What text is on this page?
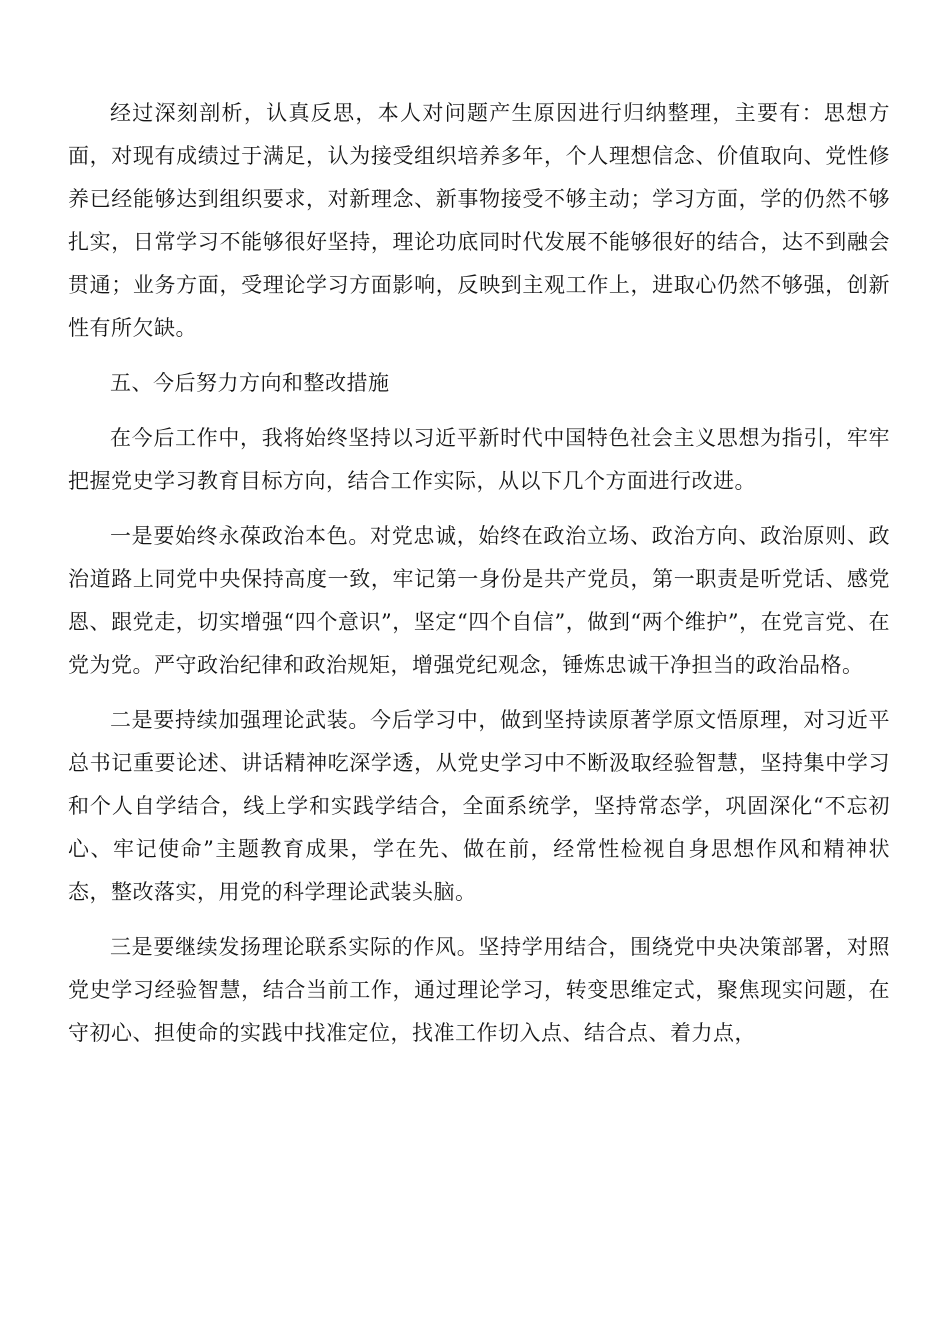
经过深刻剖析，认真反思，本人对问题产生原因进行归纳整理，主要有：思想方面，对现有成绩过于满足，认为接受组织培养多年，个人理想信念、价值取向、党性修养已经能够达到组织要求，对新理念、新事物接受不够主动；学习方面，学的仍然不够扎实，日常学习不能够很好坚持，理论功底同时代发展不能够很好的结合，达不到融会贯通；业务方面，受理论学习方面影响，反映到主观工作上，进取心仍然不够强，创新性有所欠缺。

五、今后努力方向和整改措施

在今后工作中，我将始终坚持以习近平新时代中国特色社会主义思想为指引，牢牢把握党史学习教育目标方向，结合工作实际，从以下几个方面进行改进。

一是要始终永葆政治本色。对党忠诚，始终在政治立场、政治方向、政治原则、政治道路上同党中央保持高度一致，牢记第一身份是共产党员，第一职责是听党话、感党恩、跟党走，切实增强“四个意识”，坚定“四个自信”，做到“两个维护”，在党言党、在党为党。严守政治纪律和政治规矩，增强党纪观念，锤炼忠诚干净担当的政治品格。

二是要持续加强理论武装。今后学习中，做到坚持读原著学原文悟原理，对习近平总书记重要论述、讲话精神吃深学透，从党史学习中不断汲取经验智慧，坚持集中学习和个人自学结合，线上学和实践学结合，全面系统学，坚持常态学，巩固深化“不忘初心、牢记使命”主题教育成果，学在先、做在前，经常性检视自身思想作风和精神状态，整改落实，用党的科学理论武装头脑。

三是要继续发扬理论联系实际的作风。坚持学用结合，围绕党中央决策部署，对照党史学习经验智慧，结合当前工作，通过理论学习，转变思维定式，聚焦现实问题，在守初心、担使命的实践中找准定位，找准工作切入点、结合点、着力点，
